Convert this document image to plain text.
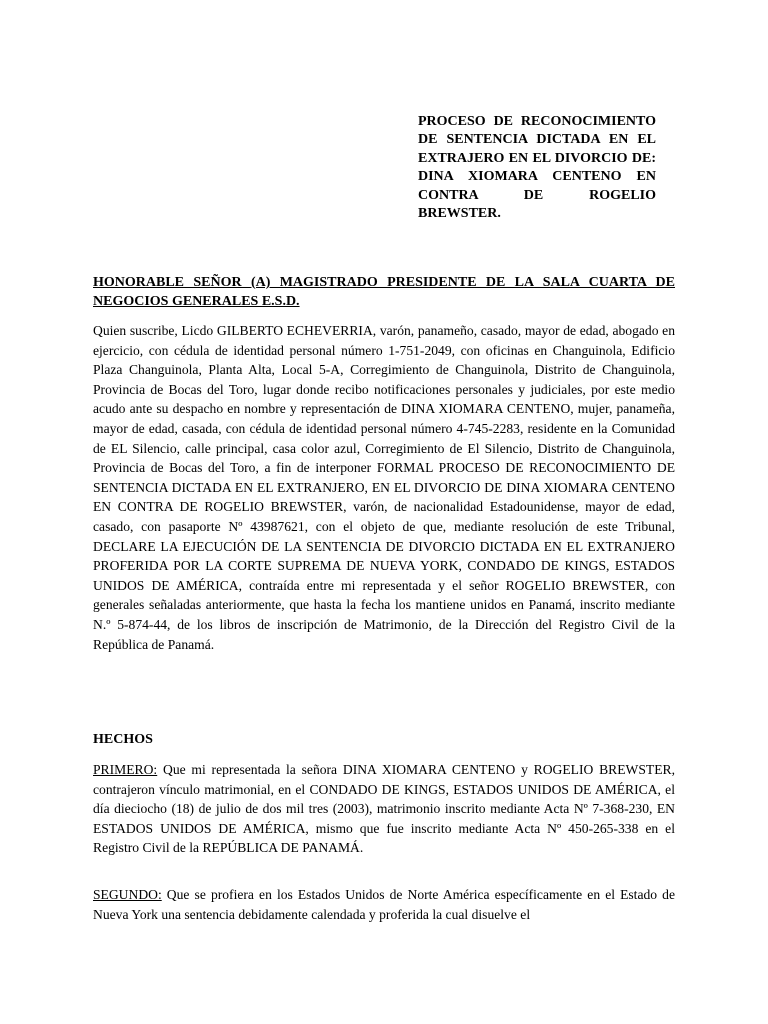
PROCESO DE RECONOCIMIENTO DE SENTENCIA DICTADA EN EL EXTRAJERO EN EL DIVORCIO DE: DINA XIOMARA CENTENO EN CONTRA DE ROGELIO BREWSTER.
HONORABLE SEÑOR (A) MAGISTRADO PRESIDENTE DE LA SALA CUARTA DE NEGOCIOS GENERALES E.S.D.

Quien suscribe, Licdo GILBERTO ECHEVERRIA, varón, panameño, casado, mayor de edad, abogado en ejercicio, con cédula de identidad personal número 1-751-2049, con oficinas en Changuinola, Edificio Plaza Changuinola, Planta Alta, Local 5-A, Corregimiento de Changuinola, Distrito de Changuinola, Provincia de Bocas del Toro, lugar donde recibo notificaciones personales y judiciales, por este medio acudo ante su despacho en nombre y representación de DINA XIOMARA CENTENO, mujer, panameña, mayor de edad, casada, con cédula de identidad personal número 4-745-2283, residente en la Comunidad de EL Silencio, calle principal, casa color azul, Corregimiento de El Silencio, Distrito de Changuinola, Provincia de Bocas del Toro, a fin de interponer FORMAL PROCESO DE RECONOCIMIENTO DE SENTENCIA DICTADA EN EL EXTRANJERO, EN EL DIVORCIO DE DINA XIOMARA CENTENO EN CONTRA DE ROGELIO BREWSTER, varón, de nacionalidad Estadounidense, mayor de edad, casado, con pasaporte Nº 43987621, con el objeto de que, mediante resolución de este Tribunal, DECLARE LA EJECUCIÓN DE LA SENTENCIA DE DIVORCIO DICTADA EN EL EXTRANJERO PROFERIDA POR LA CORTE SUPREMA DE NUEVA YORK, CONDADO DE KINGS, ESTADOS UNIDOS DE AMÉRICA, contraída entre mi representada y el señor ROGELIO BREWSTER, con generales señaladas anteriormente, que hasta la fecha los mantiene unidos en Panamá, inscrito mediante N.º 5-874-44, de los libros de inscripción de Matrimonio, de la Dirección del Registro Civil de la República de Panamá.

HECHOS

PRIMERO: Que mi representada la señora DINA XIOMARA CENTENO y ROGELIO BREWSTER, contrajeron vínculo matrimonial, en el CONDADO DE KINGS, ESTADOS UNIDOS DE AMÉRICA, el día dieciocho (18) de julio de dos mil tres (2003), matrimonio inscrito mediante Acta Nº 7-368-230, EN ESTADOS UNIDOS DE AMÉRICA, mismo que fue inscrito mediante Acta Nº 450-265-338 en el Registro Civil de la REPÚBLICA DE PANAMÁ.

SEGUNDO: Que se profiera en los Estados Unidos de Norte América específicamente en el Estado de Nueva York una sentencia debidamente calendada y proferida la cual disuelve el
